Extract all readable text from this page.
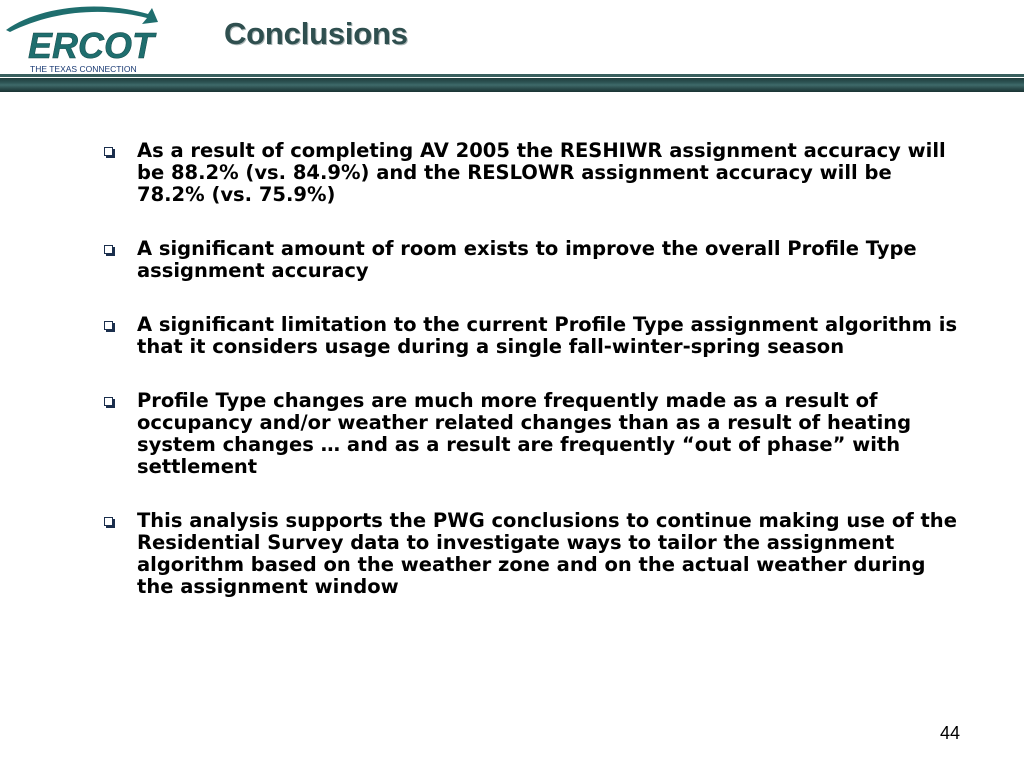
ERCOT
THE TEXAS CONNECTION
Conclusions
As a result of completing AV 2005 the RESHIWR assignment accuracy will be 88.2% (vs. 84.9%) and the RESLOWR assignment accuracy will be 78.2% (vs. 75.9%)
A significant amount of room exists to improve the overall Profile Type assignment accuracy
A significant limitation to the current Profile Type assignment algorithm is that it considers usage during a single fall-winter-spring season
Profile Type changes are much more frequently made as a result of occupancy and/or weather related changes than as a result of heating system changes … and as a result are frequently “out of phase” with settlement
This analysis supports the PWG conclusions to continue making use of the Residential Survey data to investigate ways to tailor the assignment algorithm based on the weather zone and on the actual weather during the assignment window
44
